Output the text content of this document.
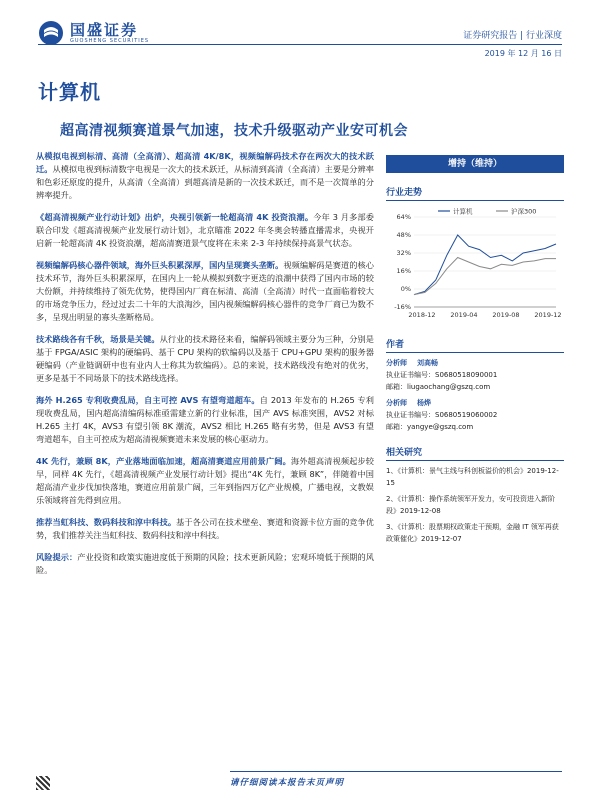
国盛证券
GUOSHENG SECURITIES	证券研究报告 | 行业深度
2019 年 12 月 16 日
计算机
超高清视频赛道景气加速，技术升级驱动产业安可机会

从模拟电视到标清、高清（全高清）、超高清 4K/8K，视频编解码技术存在两次大的技术跃迁。从模拟电视到标清数字电视是一次大的技术跃迁，从标清到高清（全高清）主要是分辨率和色彩还原度的提升，从高清（全高清）到超高清是新的一次技术跃迁，而不是一次简单的分辨率提升。

《超高清视频产业行动计划》出炉，央视引领新一轮超高清 4K 投资浪潮。今年 3 月多部委联合印发《超高清视频产业发展行动计划》，北京瞄准 2022 年冬奥会转播直播需求，央视开启新一轮超高清 4K 投资浪潮，超高清赛道景气度将在未来 2-3 年持续保持高景气状态。

视频编解码核心器件领域，海外巨头积累深厚，国内呈现赛头垄断。视频编解码是赛道的核心技术环节，海外巨头积累深厚，在国内上一轮从模拟到数字更迭的浪潮中获得了国内市场的较大份额，并持续维持了领先优势，使得国内厂商在标清、高清（全高清）时代一直面临着较大的市场竞争压力，经过过去二十年的大浪淘沙，国内视频编解码核心器件的竞争厂商已为数不多，呈现出明显的寡头垄断格局。

技术路线各有千秋，场景是关键。从行业的技术路径来看，编解码领域主要分为三种，分别是基于 FPGA/ASIC 架构的硬编码、基于 CPU 架构的软编码以及基于 CPU+GPU 架构的服务器硬编码（产业链调研中也有业内人士称其为软编码）。总的来说，技术路线没有绝对的优劣，更多是基于不同场景下的技术路线选择。

海外 H.265 专利收费乱局，自主可控 AVS 有望弯道超车。自 2013 年发布的 H.265 专利现收费乱局，国内超高清编码标准亟需建立新的行业标准，国产 AVS 标准突围，AVS2 对标 H.265 主打 4K，AVS3 有望引领 8K 潮流，AVS2 相比 H.265 略有劣势，但是 AVS3 有望弯道超车，自主可控成为超高清视频赛道未来发展的核心驱动力。

4K 先行，兼顾 8K，产业落地面临加速，超高清赛道应用前景广阔。海外超高清视频起步较早，同样 4K 先行，《超高清视频产业发展行动计划》提出“4K 先行，兼顾 8K”，伴随着中国超高清产业步伐加快落地，赛道应用前景广阔，三年到指四万亿产业规模，广播电视，文教娱乐领域将首先得到应用。

推荐当虹科技、数码科技和淳中科技。基于各公司在技术壁垒、赛道和资源卡位方面的竞争优势，我们推荐关注当虹科技、数码科技和淳中科技。

风险提示：产业投资和政策实施进度低于预期的风险；技术更新风险；宏观环境低于预期的风险。

增持（维持）
行业走势
64%
48%
32%
16%
0%
-16%
2018-12 2019-04 2019-08 2019-12
计算机	沪深300
作者
分析师 刘高畅
执业证书编号：S0680518090001
邮箱：liugaochang@gszq.com
分析师 杨烨
执业证书编号：S0680519060002
邮箱：yangye@gszq.com
相关研究
1、《计算机：景气主线与科创板溢价的机会》2019-12-15
2、《计算机：操作系统领军开发力，安可投资进入新阶段》2019-12-08
3、《计算机：股票期权政策走干预期，金融 IT 领军再获政策催化》2019-12-07
请仔细阅读本报告末页声明
